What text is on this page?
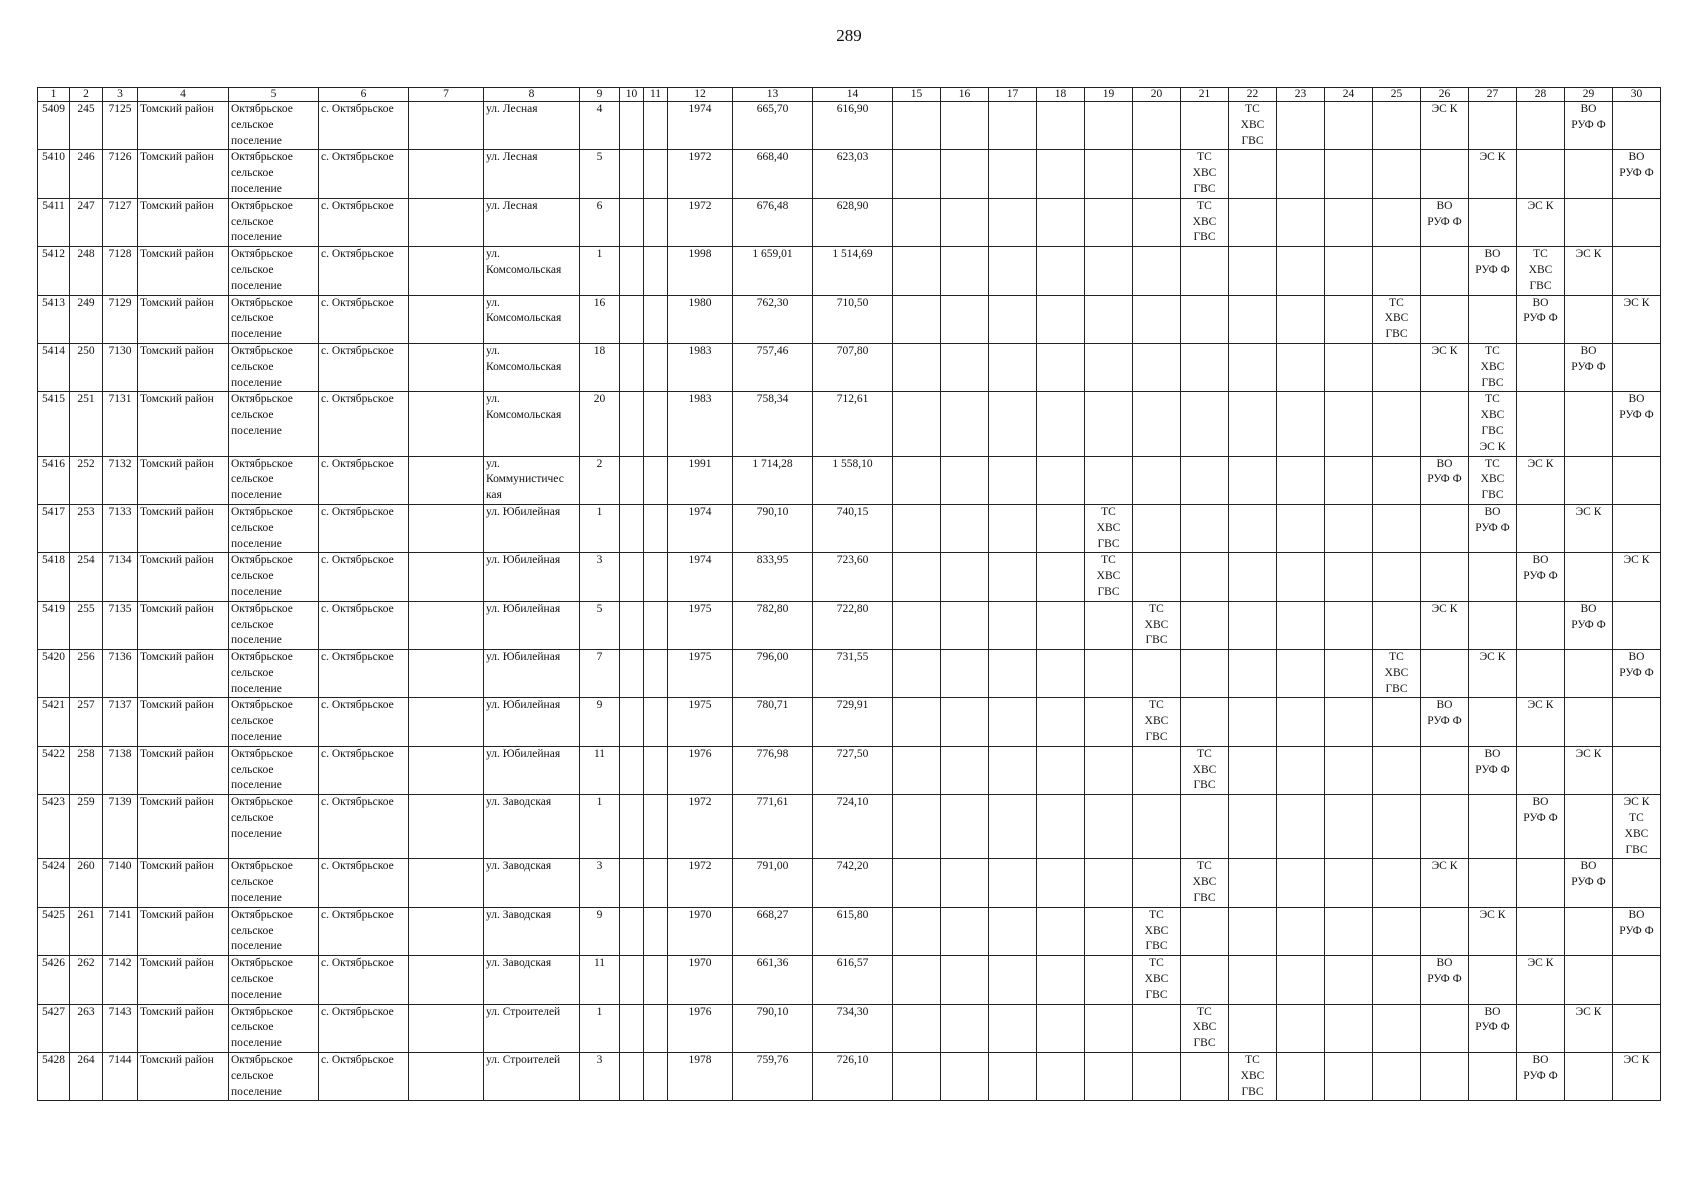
289
1	2	3	4	5	6	7	8	9	10	11	12	13	14	15	16	17	18	19	20	21	22	23	24	25	26	27	28	29	30
5409	245	7125	Томский район	Октябрьское
сельское
поселение	с. Октябрьское		ул. Лесная	4			1974	665,70	616,90								ТС
ХВС
ГВС				ЭС К			ВО
РУФ Ф	

5410	246	7126	Томский район	Октябрьское
сельское
поселение	с. Октябрьское		ул. Лесная	5			1972	668,40	623,03							ТС
ХВС
ГВС						ЭС К			ВО
РУФ Ф

5411	247	7127	Томский район	Октябрьское
сельское
поселение	с. Октябрьское		ул. Лесная	6			1972	676,48	628,90							ТС
ХВС
ГВС					ВО
РУФ Ф		ЭС К		

5412	248	7128	Томский район	Октябрьское
сельское
поселение	с. Октябрьское		ул.
Комсомольская	1			1998	1 659,01	1 514,69													ВО
РУФ Ф	ТС
ХВС
ГВС	ЭС К	

5413	249	7129	Томский район	Октябрьское
сельское
поселение	с. Октябрьское		ул.
Комсомольская	16			1980	762,30	710,50											ТС
ХВС
ГВС			ВО
РУФ Ф		ЭС К

5414	250	7130	Томский район	Октябрьское
сельское
поселение	с. Октябрьское		ул.
Комсомольская	18			1983	757,46	707,80												ЭС К	ТС
ХВС
ГВС		ВО
РУФ Ф	

5415	251	7131	Томский район	Октябрьское
сельское
поселение	с. Октябрьское		ул.
Комсомольская	20			1983	758,34	712,61													ТС
ХВС
ГВС
ЭС К			ВО
РУФ Ф

5416	252	7132	Томский район	Октябрьское
сельское
поселение	с. Октябрьское		ул.
Коммунистичес
кая	2			1991	1 714,28	1 558,10												ВО
РУФ Ф	ТС
ХВС
ГВС	ЭС К		

5417	253	7133	Томский район	Октябрьское
сельское
поселение	с. Октябрьское		ул. Юбилейная	1			1974	790,10	740,15					ТС
ХВС
ГВС								ВО
РУФ Ф		ЭС К	

5418	254	7134	Томский район	Октябрьское
сельское
поселение	с. Октябрьское		ул. Юбилейная	3			1974	833,95	723,60					ТС
ХВС
ГВС									ВО
РУФ Ф		ЭС К

5419	255	7135	Томский район	Октябрьское
сельское
поселение	с. Октябрьское		ул. Юбилейная	5			1975	782,80	722,80						ТС
ХВС
ГВС						ЭС К			ВО
РУФ Ф	

5420	256	7136	Томский район	Октябрьское
сельское
поселение	с. Октябрьское		ул. Юбилейная	7			1975	796,00	731,55											ТС
ХВС
ГВС		ЭС К			ВО
РУФ Ф

5421	257	7137	Томский район	Октябрьское
сельское
поселение	с. Октябрьское		ул. Юбилейная	9			1975	780,71	729,91						ТС
ХВС
ГВС						ВО
РУФ Ф		ЭС К		

5422	258	7138	Томский район	Октябрьское
сельское
поселение	с. Октябрьское		ул. Юбилейная	11			1976	776,98	727,50							ТС
ХВС
ГВС						ВО
РУФ Ф		ЭС К	

5423	259	7139	Томский район	Октябрьское
сельское
поселение	с. Октябрьское		ул. Заводская	1			1972	771,61	724,10														ВО
РУФ Ф		ЭС К
ТС
ХВС
ГВС

5424	260	7140	Томский район	Октябрьское
сельское
поселение	с. Октябрьское		ул. Заводская	3			1972	791,00	742,20							ТС
ХВС
ГВС					ЭС К			ВО
РУФ Ф	

5425	261	7141	Томский район	Октябрьское
сельское
поселение	с. Октябрьское		ул. Заводская	9			1970	668,27	615,80						ТС
ХВС
ГВС							ЭС К			ВО
РУФ Ф

5426	262	7142	Томский район	Октябрьское
сельское
поселение	с. Октябрьское		ул. Заводская	11			1970	661,36	616,57						ТС
ХВС
ГВС						ВО
РУФ Ф		ЭС К		

5427	263	7143	Томский район	Октябрьское
сельское
поселение	с. Октябрьское		ул. Строителей	1			1976	790,10	734,30							ТС
ХВС
ГВС						ВО
РУФ Ф		ЭС К	

5428	264	7144	Томский район	Октябрьское
сельское
поселение	с. Октябрьское		ул. Строителей	3			1978	759,76	726,10								ТС
ХВС
ГВС						ВО
РУФ Ф		ЭС К
